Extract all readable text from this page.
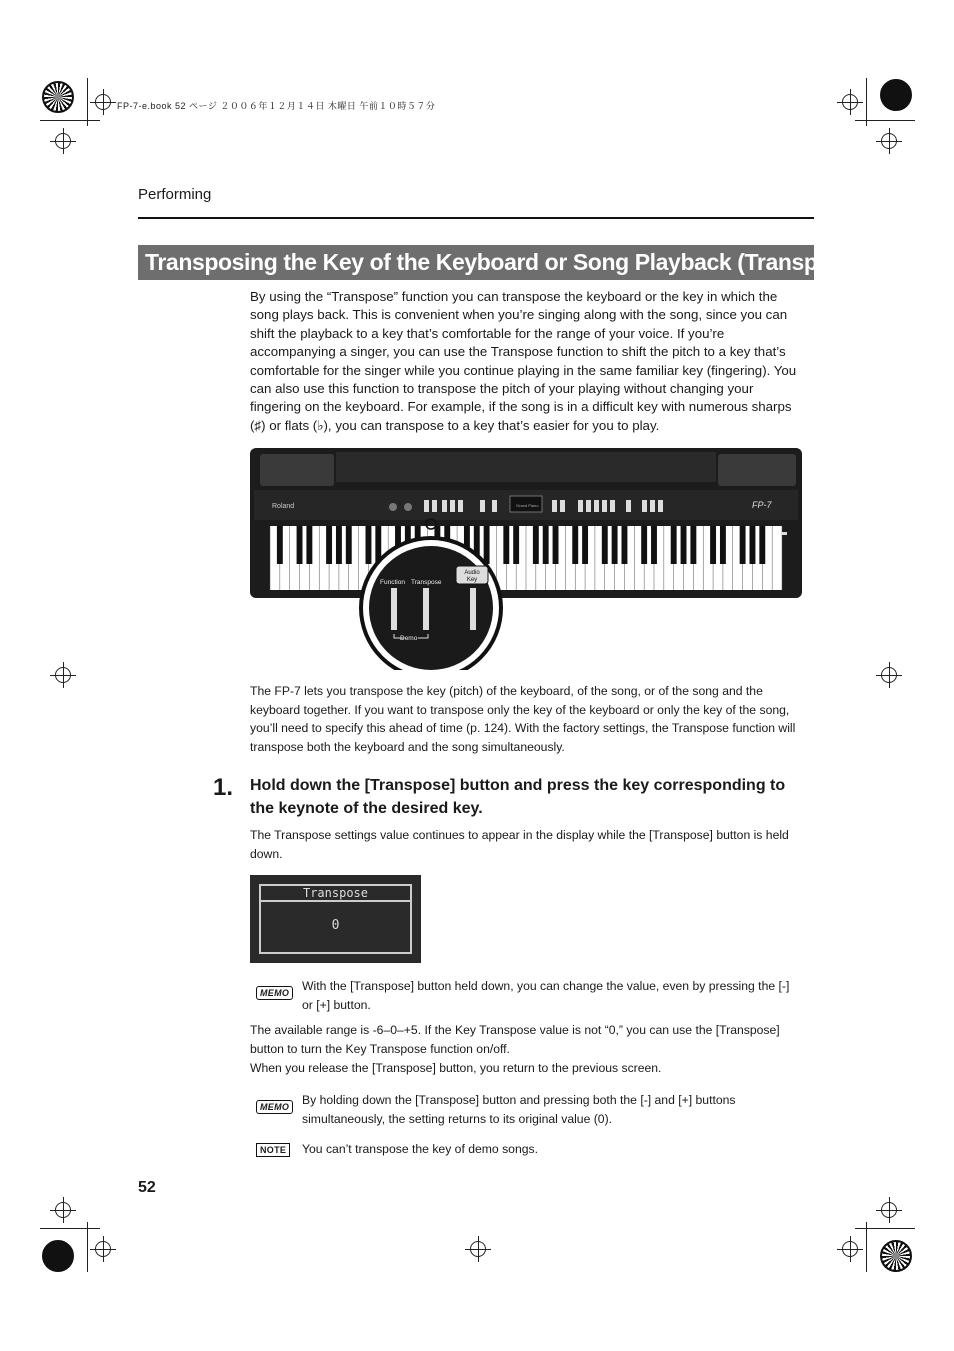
FP-7-e.book 52 ページ ２００６年１２月１４日 木曜日 午前１０時５７分
Performing
Transposing the Key of the Keyboard or Song Playback (Transpose)
By using the “Transpose” function you can transpose the keyboard or the key in which the song plays back. This is convenient when you’re singing along with the song, since you can shift the playback to a key that’s comfortable for the range of your voice. If you’re accompanying a singer, you can use the Transpose function to shift the pitch to a key that’s comfortable for the singer while you continue playing in the same familiar key (fingering). You can also use this function to transpose the pitch of your playing without changing your fingering on the keyboard. For example, if the song is in a difficult key with numerous sharps (♯) or flats (♭), you can transpose to a key that’s easier for you to play.
Roland	FP-7
Grand Piano
Function Transpose
Audio
Key
Demo
The FP-7 lets you transpose the key (pitch) of the keyboard, of the song, or of the song and the keyboard together. If you want to transpose only the key of the keyboard or only the key of the song, you’ll need to specify this ahead of time (p. 124). With the factory settings, the Transpose function will transpose both the keyboard and the song simultaneously.
1. Hold down the [Transpose] button and press the key corresponding to the keynote of the desired key.
The Transpose settings value continues to appear in the display while the [Transpose] button is held down.
Transpose
0
MEMO	With the [Transpose] button held down, you can change the value, even by pressing the [-] or [+] button.
The available range is -6–0–+5. If the Key Transpose value is not “0,” you can use the [Transpose] button to turn the Key Transpose function on/off.
When you release the [Transpose] button, you return to the previous screen.
MEMO	By holding down the [Transpose] button and pressing both the [-] and [+] buttons simultaneously, the setting returns to its original value (0).
NOTE	You can’t transpose the key of demo songs.
52
